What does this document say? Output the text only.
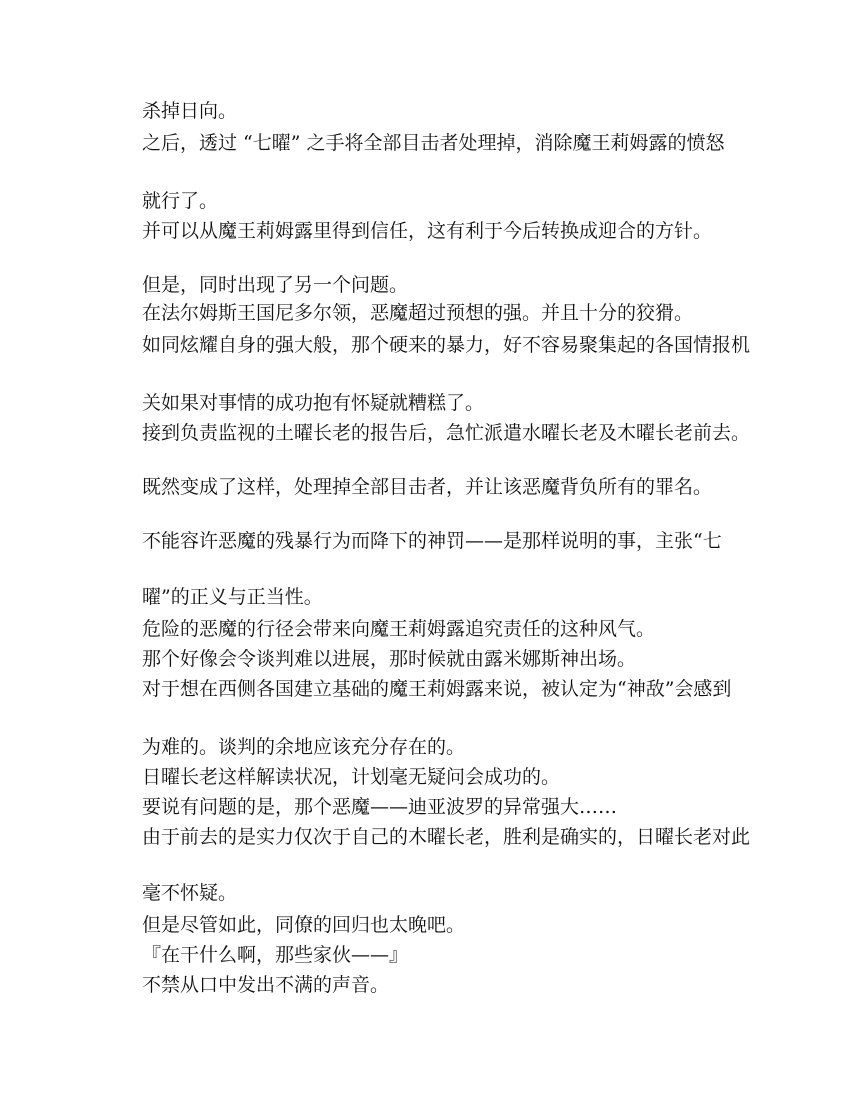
杀掉日向。

之后，透过 “七曜” 之手将全部目击者处理掉，消除魔王莉姆露的愤怒

就行了。

并可以从魔王莉姆露里得到信任，这有利于今后转换成迎合的方针。

但是，同时出现了另一个问题。

在法尔姆斯王国尼多尔领，恶魔超过预想的强。并且十分的狡猾。

如同炫耀自身的强大般，那个硬来的暴力，好不容易聚集起的各国情报机

关如果对事情的成功抱有怀疑就糟糕了。

接到负责监视的土曜长老的报告后，急忙派遣水曜长老及木曜长老前去。

既然变成了这样，处理掉全部目击者，并让该恶魔背负所有的罪名。

不能容许恶魔的残暴行为而降下的神罚——是那样说明的事，主张“七

曜”的正义与正当性。

危险的恶魔的行径会带来向魔王莉姆露追究责任的这种风气。

那个好像会令谈判难以进展，那时候就由露米娜斯神出场。

对于想在西侧各国建立基础的魔王莉姆露来说，被认定为“神敌”会感到

为难的。谈判的余地应该充分存在的。

日曜长老这样解读状况，计划毫无疑问会成功的。

要说有问题的是，那个恶魔——迪亚波罗的异常强大……

由于前去的是实力仅次于自己的木曜长老，胜利是确实的，日曜长老对此

毫不怀疑。

但是尽管如此，同僚的回归也太晚吧。

『在干什么啊，那些家伙——』

不禁从口中发出不满的声音。
